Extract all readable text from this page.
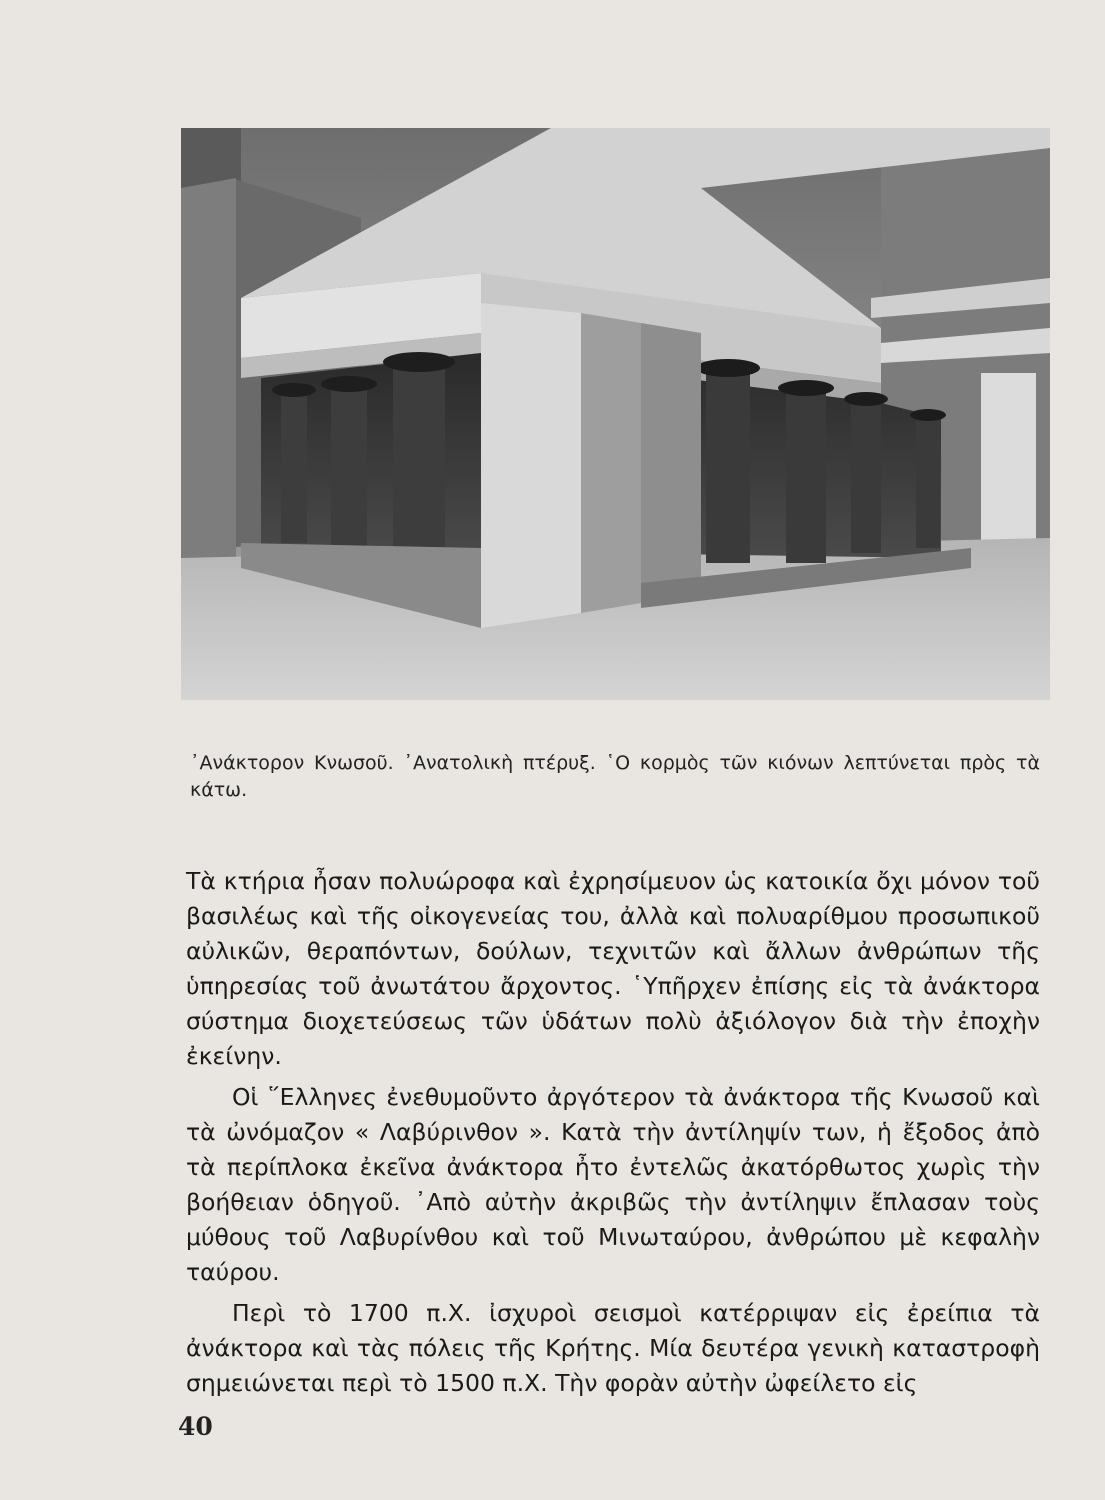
᾿Ανάκτορον Κνωσοῦ. ᾿Ανατολικὴ πτέρυξ. ῾Ο κορμὸς τῶν κιόνων λεπτύνεται πρὸς τὰ κάτω.

Τὰ κτήρια ἦσαν πολυώροφα καὶ ἐχρησίμευον ὡς κατοικία ὄχι μόνον τοῦ βασιλέως καὶ τῆς οἰκογενείας του, ἀλλὰ καὶ πολυαρίθμου προσωπικοῦ αὐλικῶν, θεραπόντων, δούλων, τεχνιτῶν καὶ ἄλλων ἀνθρώπων τῆς ὑπηρεσίας τοῦ ἀνωτάτου ἄρχοντος. ῾Υπῆρχεν ἐπίσης εἰς τὰ ἀνάκτορα σύστημα διοχετεύσεως τῶν ὑδάτων πολὺ ἀξιόλογον διὰ τὴν ἐποχὴν ἐκείνην.

Οἱ ῞Ελληνες ἐνεθυμοῦντο ἀργότερον τὰ ἀνάκτορα τῆς Κνωσοῦ καὶ τὰ ὠνόμαζον « Λαβύρινθον ». Κατὰ τὴν ἀντίληψίν των, ἡ ἔξοδος ἀπὸ τὰ περίπλοκα ἐκεῖνα ἀνάκτορα ἦτο ἐντελῶς ἀκατόρθωτος χωρὶς τὴν βοήθειαν ὁδηγοῦ. ᾿Απὸ αὐτὴν ἀκριβῶς τὴν ἀντίληψιν ἔπλασαν τοὺς μύθους τοῦ Λαβυρίνθου καὶ τοῦ Μινωταύρου, ἀνθρώπου μὲ κεφαλὴν ταύρου.

Περὶ τὸ 1700 π.Χ. ἰσχυροὶ σεισμοὶ κατέρριψαν εἰς ἐρείπια τὰ ἀνάκτορα καὶ τὰς πόλεις τῆς Κρήτης. Μία δευτέρα γενικὴ καταστροφὴ σημειώνεται περὶ τὸ 1500 π.Χ. Τὴν φορὰν αὐτὴν ὠφείλετο εἰς

40
